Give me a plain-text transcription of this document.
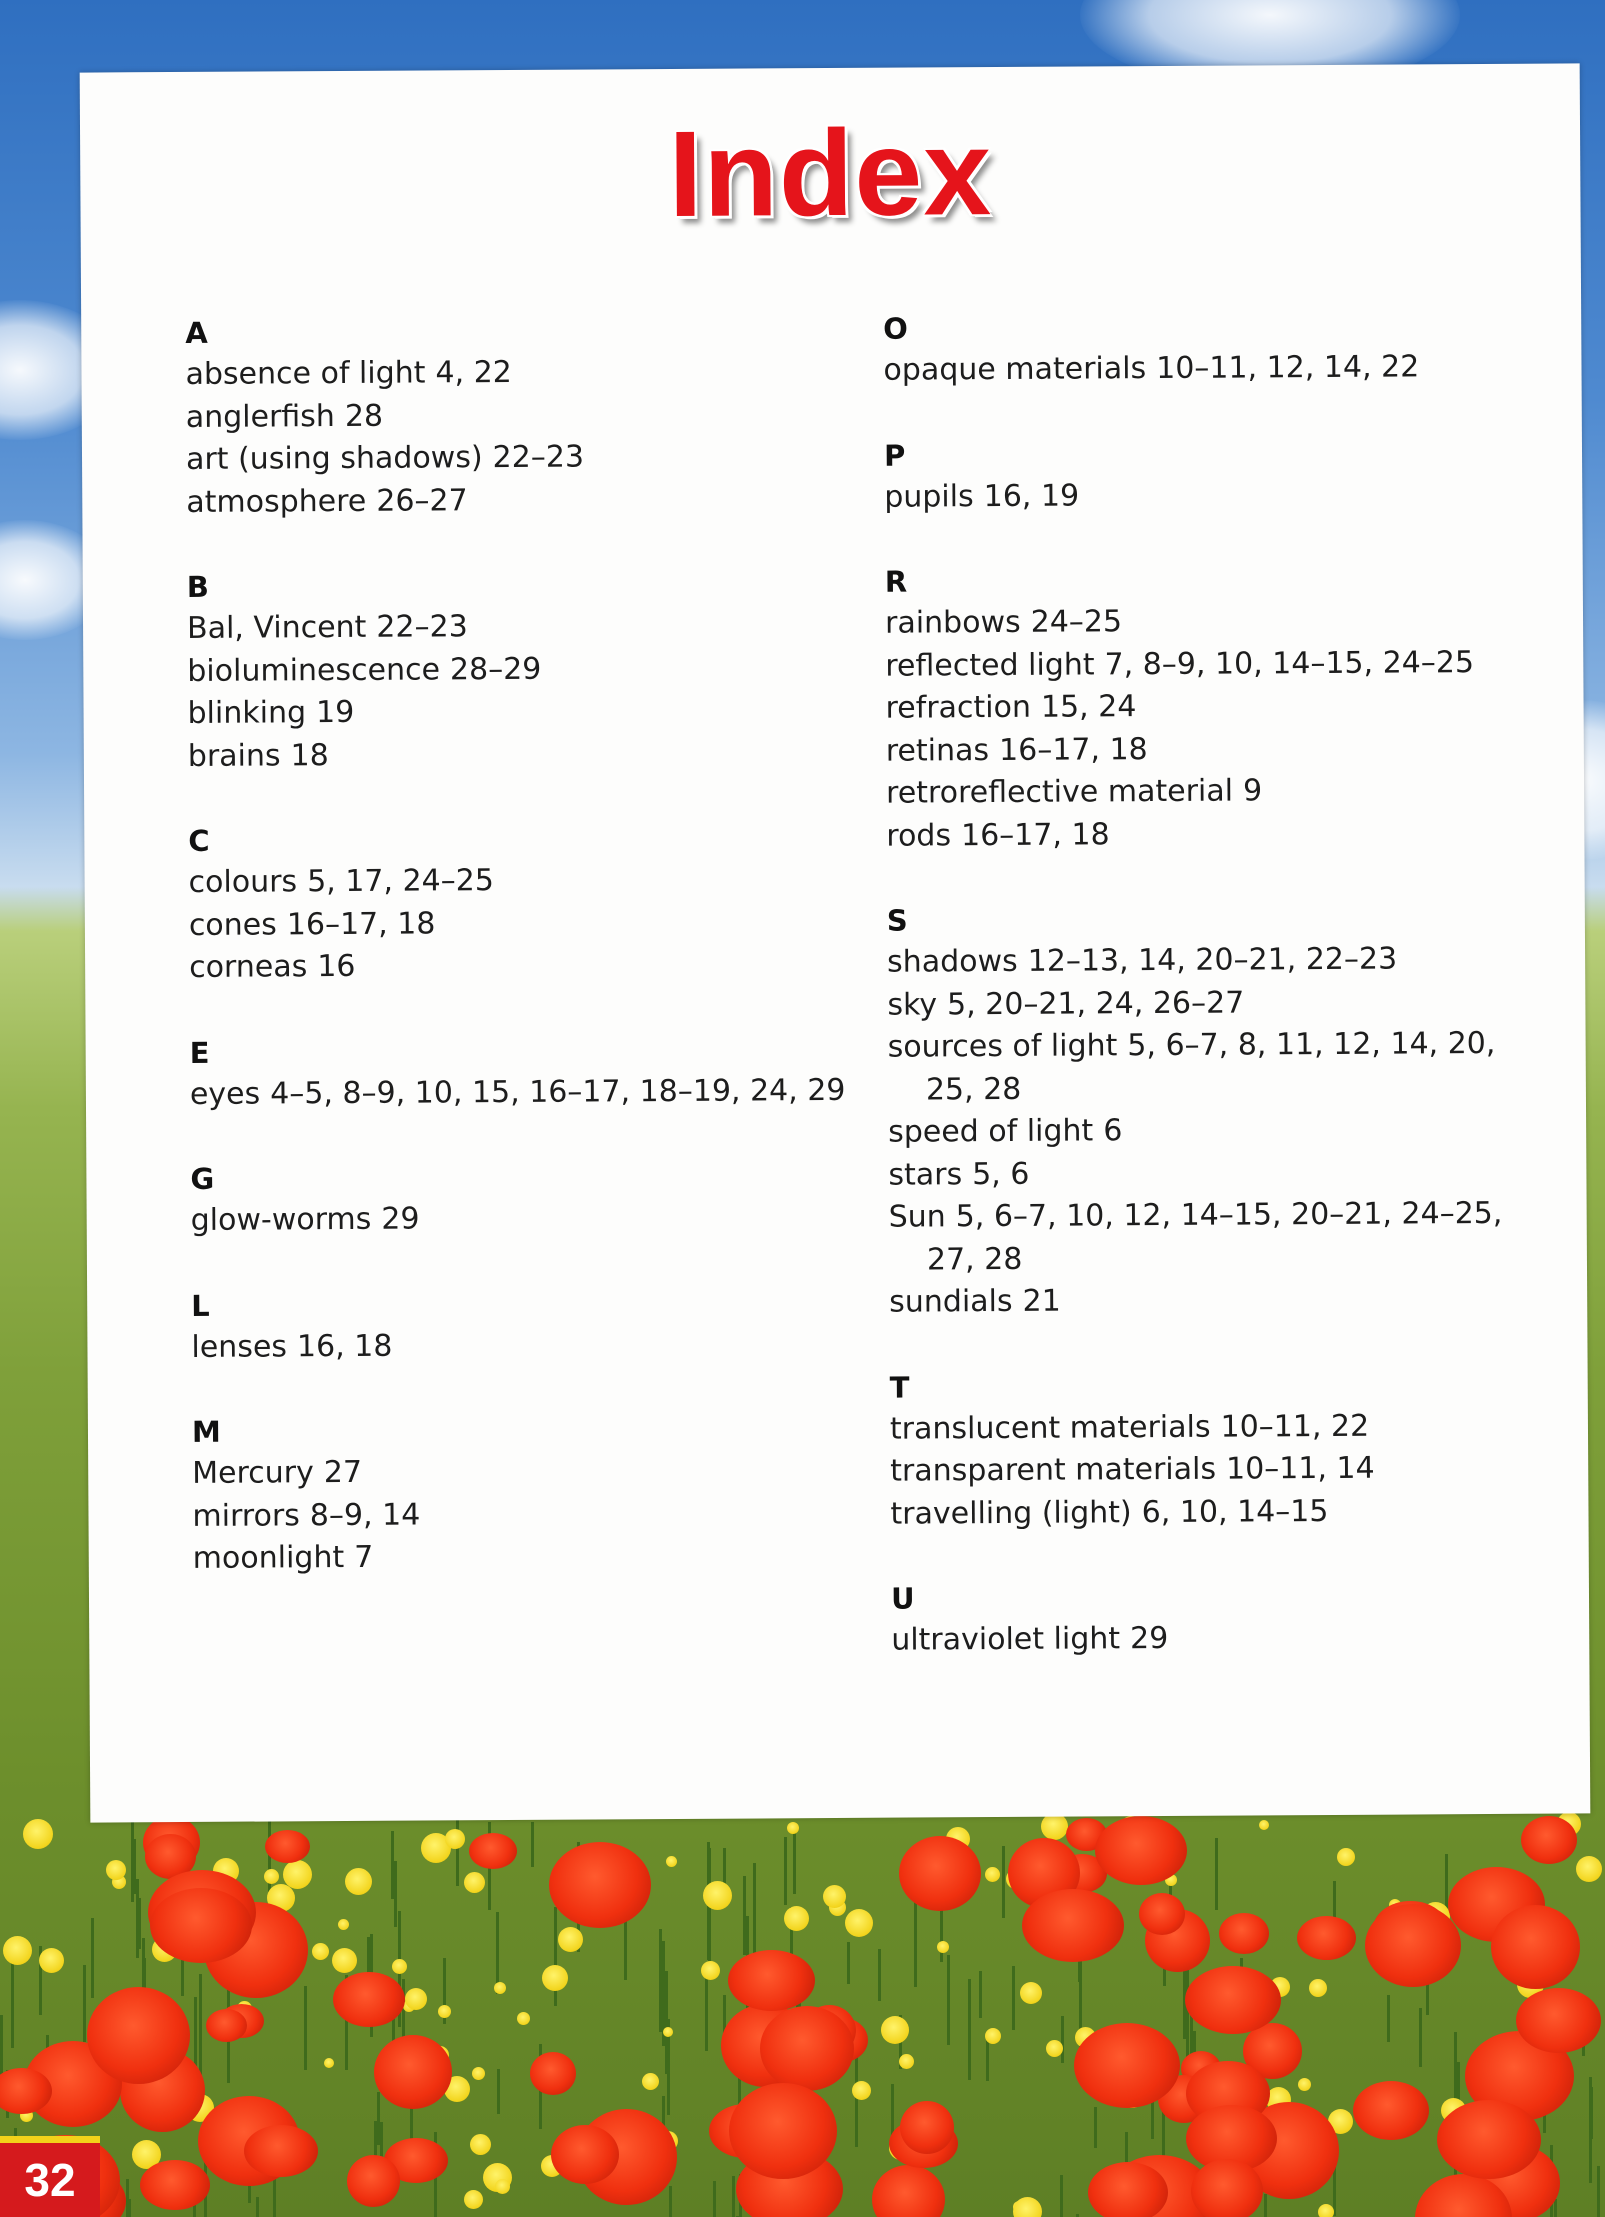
Index
A
absence of light 4, 22
anglerfish 28
art (using shadows) 22–23
atmosphere 26–27
B
Bal, Vincent 22–23
bioluminescence 28–29
blinking 19
brains 18
C
colours 5, 17, 24–25
cones 16–17, 18
corneas 16
E
eyes 4–5, 8–9, 10, 15, 16–17, 18–19, 24, 29
G
glow-worms 29
L
lenses 16, 18
M
Mercury 27
mirrors 8–9, 14
moonlight 7
O
opaque materials 10–11, 12, 14, 22
P
pupils 16, 19
R
rainbows 24–25
reflected light 7, 8–9, 10, 14–15, 24–25
refraction 15, 24
retinas 16–17, 18
retroreflective material 9
rods 16–17, 18
S
shadows 12–13, 14, 20–21, 22–23
sky 5, 20–21, 24, 26–27
sources of light 5, 6–7, 8, 11, 12, 14, 20, 25, 28
speed of light 6
stars 5, 6
Sun 5, 6–7, 10, 12, 14–15, 20–21, 24–25, 27, 28
sundials 21
T
translucent materials 10–11, 22
transparent materials 10–11, 14
travelling (light) 6, 10, 14–15
U
ultraviolet light 29
32
